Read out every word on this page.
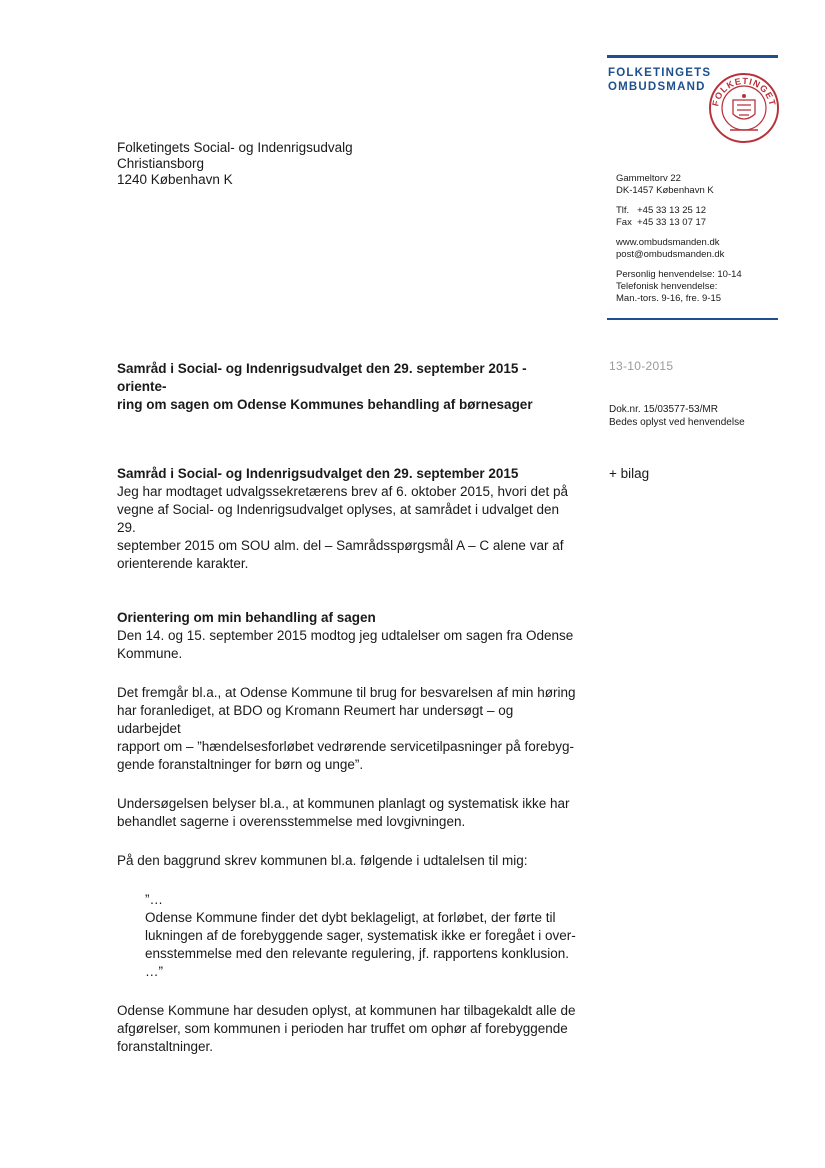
FOLKETINGETS
OMBUDSMAND
FOLKETINGET
Folketingets Social- og Indenrigsudvalg
Christiansborg
1240 København K	Gammeltorv 22
DK-1457 København K
Tlf.   +45 33 13 25 12
Fax  +45 33 13 07 17
www.ombudsmanden.dk
post@ombudsmanden.dk
Personlig henvendelse: 10-14
Telefonisk henvendelse:
Man.-tors. 9-16, fre. 9-15
13-10-2015
Dok.nr. 15/03577-53/MR
Bedes oplyst ved henvendelse
+ bilag

Samråd i Social- og Indenrigsudvalget den 29. september 2015 - oriente-

ring om sagen om Odense Kommunes behandling af børnesager

Samråd i Social- og Indenrigsudvalget den 29. september 2015

Jeg har modtaget udvalgssekretærens brev af 6. oktober 2015, hvori det på

vegne af Social- og Indenrigsudvalget oplyses, at samrådet i udvalget den 29.

september 2015 om SOU alm. del – Samrådsspørgsmål A – C alene var af

orienterende karakter.

Orientering om min behandling af sagen

Den 14. og 15. september 2015 modtog jeg udtalelser om sagen fra Odense

Kommune.

Det fremgår bl.a., at Odense Kommune til brug for besvarelsen af min høring

har foranlediget, at BDO og Kromann Reumert har undersøgt – og udarbejdet

rapport om – ”hændelsesforløbet vedrørende servicetilpasninger på forebyg-

gende foranstaltninger for børn og unge”.

Undersøgelsen belyser bl.a., at kommunen planlagt og systematisk ikke har

behandlet sagerne i overensstemmelse med lovgivningen.

På den baggrund skrev kommunen bl.a. følgende i udtalelsen til mig:

”…

Odense Kommune finder det dybt beklageligt, at forløbet, der førte til

lukningen af de forebyggende sager, systematisk ikke er foregået i over-

ensstemmelse med den relevante regulering, jf. rapportens konklusion.

…”

Odense Kommune har desuden oplyst, at kommunen har tilbagekaldt alle de

afgørelser, som kommunen i perioden har truffet om ophør af forebyggende

foranstaltninger.
